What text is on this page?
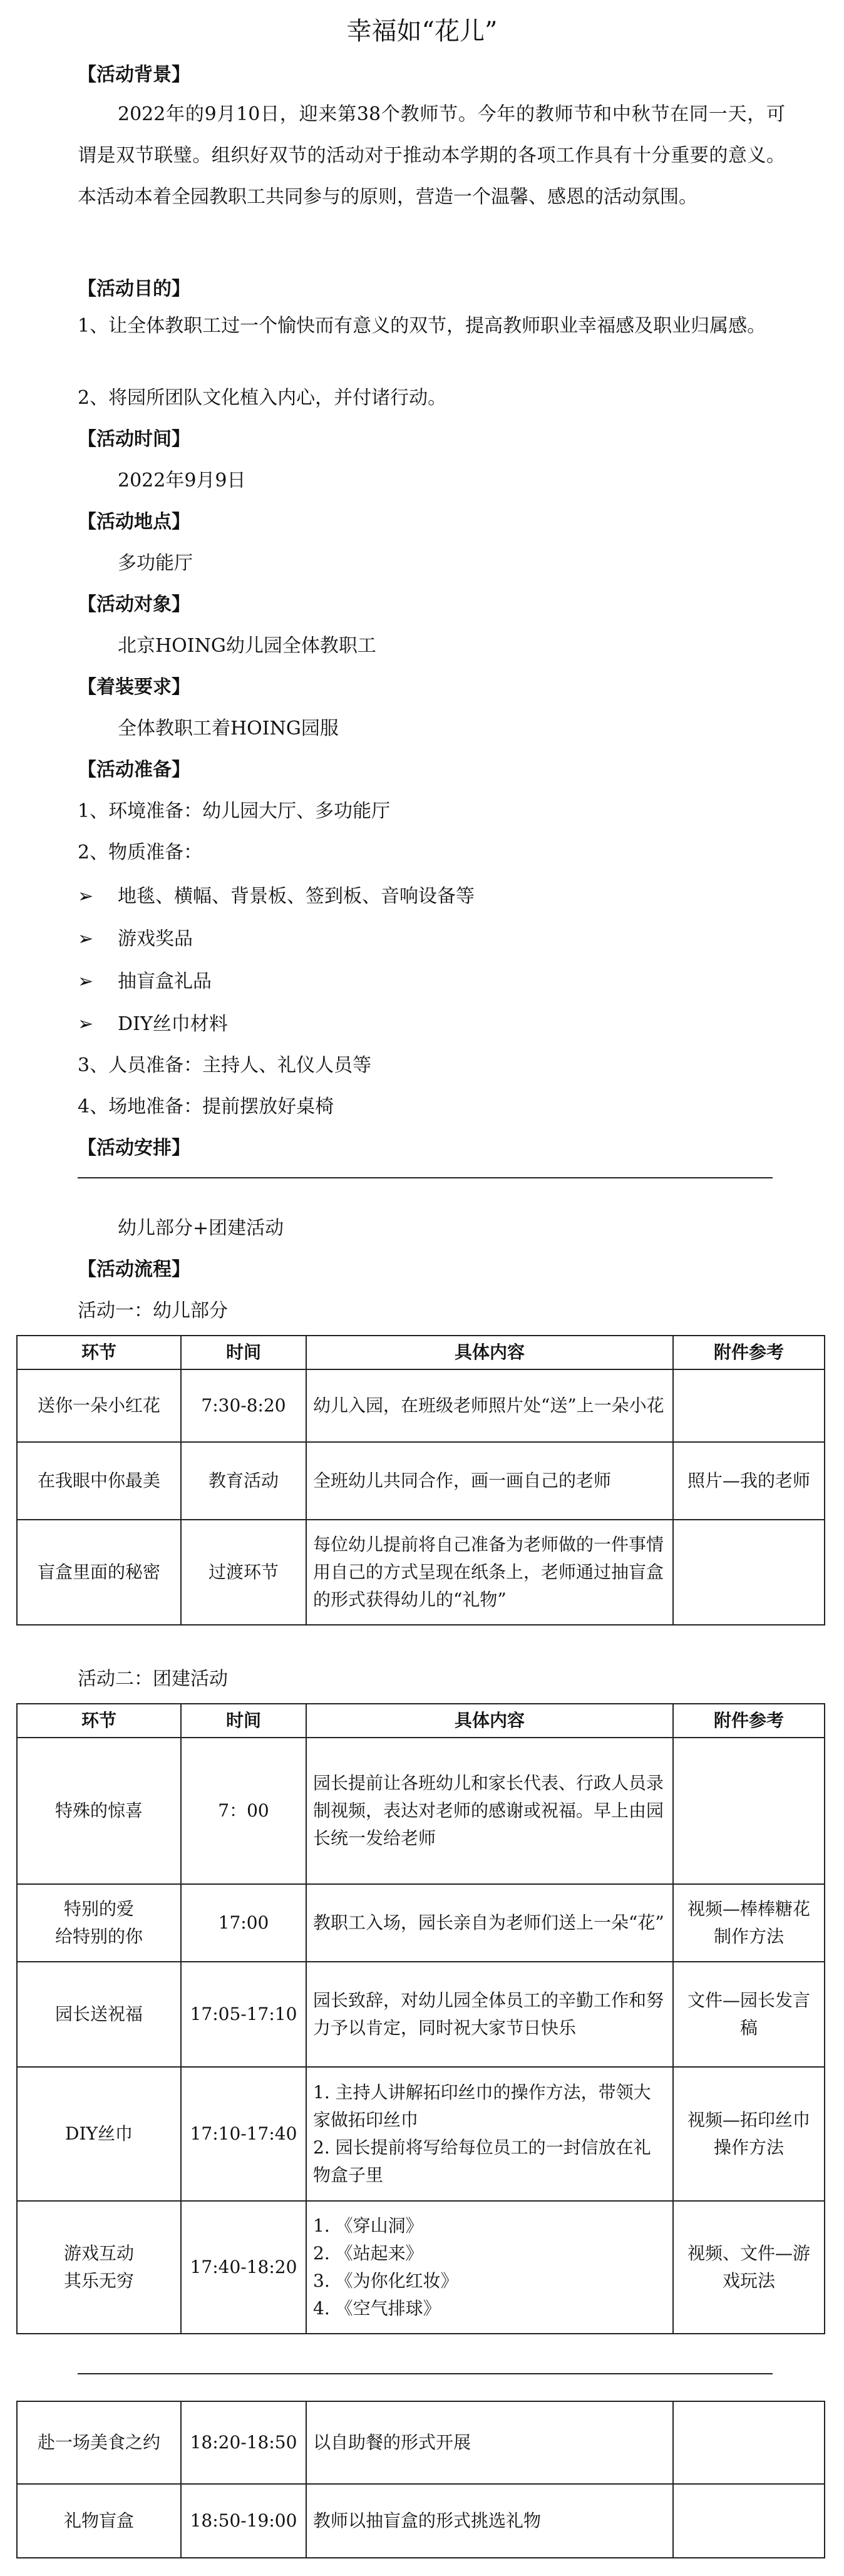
幸福如“花儿”
【活动背景】
2022年的9月10日，迎来第38个教师节。今年的教师节和中秋节在同一天，可谓是双节联璧。组织好双节的活动对于推动本学期的各项工作具有十分重要的意义。本活动本着全园教职工共同参与的原则，营造一个温馨、感恩的活动氛围。
【活动目的】
1、让全体教职工过一个愉快而有意义的双节，提高教师职业幸福感及职业归属感。
2、将园所团队文化植入内心，并付诸行动。
【活动时间】
2022年9月9日
【活动地点】
多功能厅
【活动对象】
北京HOING幼儿园全体教职工
【着装要求】
全体教职工着HOING园服
【活动准备】
1、环境准备：幼儿园大厅、多功能厅
2、物质准备：
➢ 地毯、横幅、背景板、签到板、音响设备等
➢ 游戏奖品
➢ 抽盲盒礼品
➢ DIY丝巾材料
3、人员准备：主持人、礼仪人员等
4、场地准备：提前摆放好桌椅
【活动安排】
幼儿部分+团建活动
【活动流程】
活动一：幼儿部分
环节	时间	具体内容	附件参考
送你一朵小红花	7:30-8:20	幼儿入园，在班级老师照片处“送”上一朵小花	
在我眼中你最美	教育活动	全班幼儿共同合作，画一画自己的老师	照片—我的老师
盲盒里面的秘密	过渡环节	每位幼儿提前将自己准备为老师做的一件事情用自己的方式呈现在纸条上，老师通过抽盲盒的形式获得幼儿的“礼物”	
活动二：团建活动
环节	时间	具体内容	附件参考
特殊的惊喜	7：00	园长提前让各班幼儿和家长代表、行政人员录制视频，表达对老师的感谢或祝福。早上由园长统一发给老师	
特别的爱
给特别的你	17:00	教职工入场，园长亲自为老师们送上一朵“花”	视频—棒棒糖花制作方法
园长送祝福	17:05-17:10	园长致辞，对幼儿园全体员工的辛勤工作和努力予以肯定，同时祝大家节日快乐	文件—园长发言稿
DIY丝巾	17:10-17:40	1. 主持人讲解拓印丝巾的操作方法，带领大家做拓印丝巾
2. 园长提前将写给每位员工的一封信放在礼物盒子里	视频—拓印丝巾操作方法
游戏互动
其乐无穷	17:40-18:20	1. 《穿山洞》
2. 《站起来》
3. 《为你化红妆》
4. 《空气排球》	视频、文件—游戏玩法
赴一场美食之约	18:20-18:50	以自助餐的形式开展	
礼物盲盒	18:50-19:00	教师以抽盲盒的形式挑选礼物	
